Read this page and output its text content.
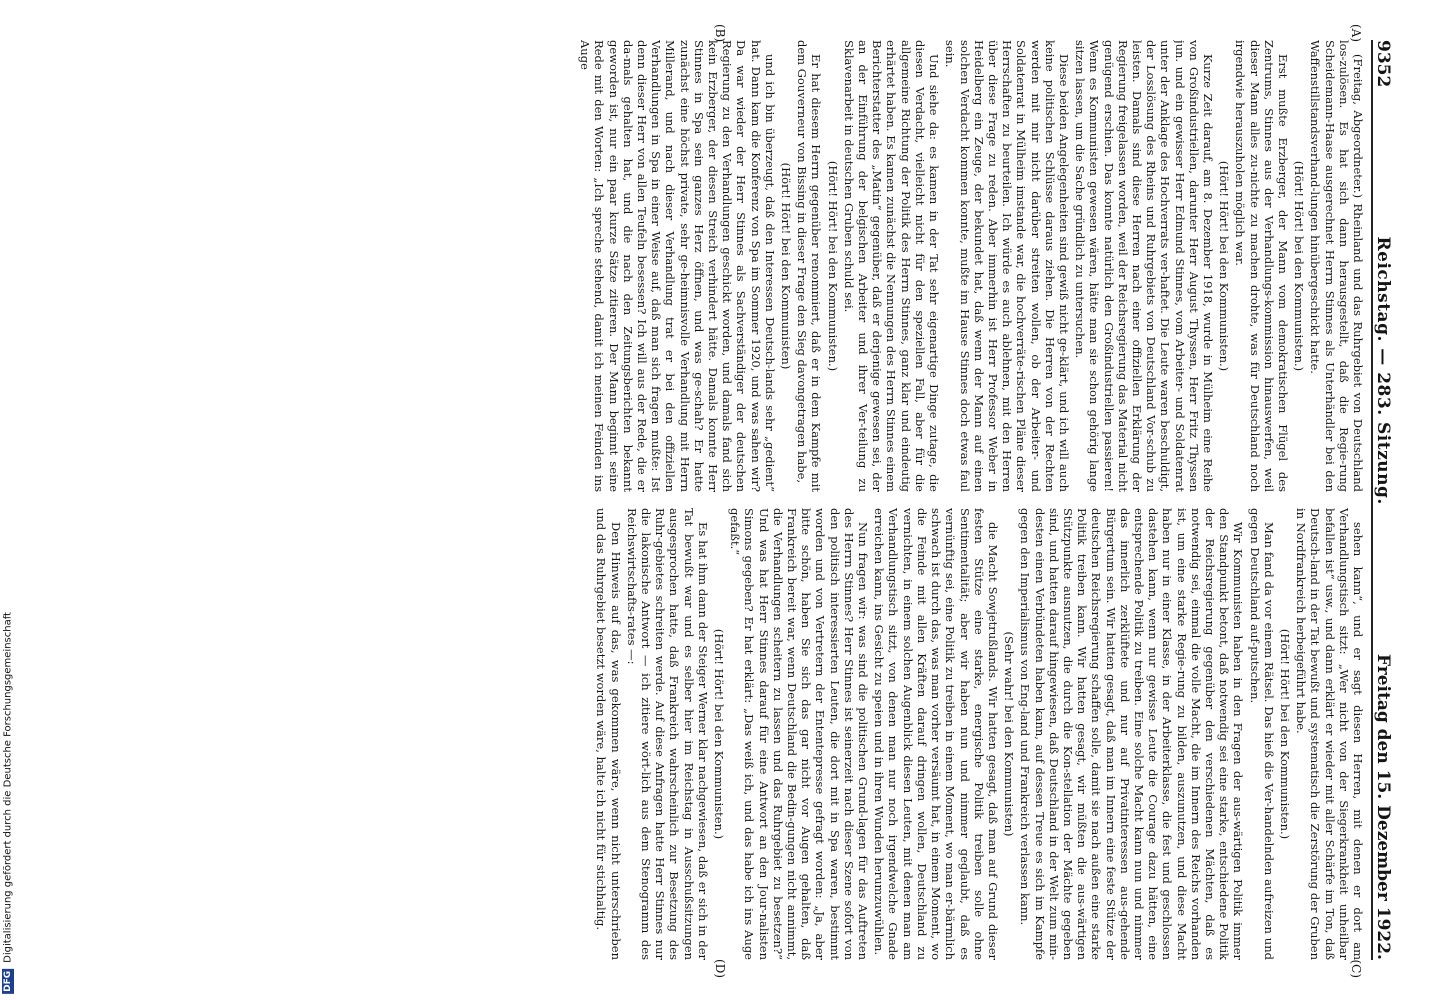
9352
Reichstag. — 283. Sitzung.
Freitag den 15. Dezember 1922.

(Freitag, Abgeordneter.) Rheinland und das Ruhrgebiet von Deutschland los-zulösen. Es hat sich dann herausgestellt, daß die Regie-rung Scheidemann-Haase ausgerechnet Herrn Stinnes als Unterhändler bei den Waffenstillstandsverhand-lungen hinübergeschickt hatte.

(Hört! Hört! bei den Kommunisten.)

Erst mußte Erzberger, der Mann vom demokratischen Flügel des Zentrums, Stinnes aus der Verhandlungs-kommission hinauswerfen, weil dieser Mann alles zu-nichte zu machen drohte, was für Deutschland noch irgendwie herauszuholen möglich war.

(Hört! Hört! bei den Kommunisten.)

Kurze Zeit darauf, am 8. Dezember 1918, wurde in Mülheim eine Reihe von Großindustriellen, darunter Herr August Thyssen, Herr Fritz Thyssen jun. und ein gewisser Herr Edmund Stinnes, vom Arbeiter- und Soldatenrat unter der Anklage des Hochverrats ver-haftet. Die Leute waren beschuldigt, der Losslösung des Rheins und Ruhrgebiets von Deutschland Vor-schub zu leisten. Damals sind diese Herren nach einer offiziellen Erklärung der Regierung freigelassen worden, weil der Reichsregierung das Material nicht genügend erschien. Das konnte natürlich den Großindustriellen passieren! Wenn es Kommunisten gewesen wären, hätte man sie schon gehörig lange sitzen lassen, um die Sache gründlich zu untersuchen.

Diese beiden Angelegenheiten sind gewiß nicht ge-klärt, und ich will auch keine politischen Schlüsse daraus ziehen. Die Herren von der Rechten werden mit mir nicht darüber streiten wollen, ob der Arbeiter- und Soldatenrat in Mülheim imstande war, die hochverräte-rischen Pläne dieser Herrschaften zu beurteilen. Ich würde es auch ablehnen, mit den Herren über diese Frage zu reden. Aber immerhin ist Herr Professor Weber in Heidelberg ein Zeuge, der bekundet hat, daß wenn der Mann auf einen solchen Verdacht kommen konnte, mußte im Hause Stinnes doch etwas faul sein.

Und siehe da: es kamen in der Tat sehr eigenartige Dinge zutage, die diesen Verdacht, vielleicht nicht für den speziellen Fall, aber für die allgemeine Richtung der Politik des Herrn Stinnes, ganz klar und eindeutig erhärtet haben. Es kamen zunächst die Nennungen des Herrn Stinnes einem Berichterstatter des „Matin“ gegenüber, daß er derjenige gewesen sei, der an der Einführung der belgischen Arbeiter und ihrer Ver-teilung zu Sklavenarbeit in deutschen Gruben schuld sei.

(Hört! Hört! bei den Kommunisten.)

Er hat diesem Herrn gegenüber renommiert, daß er in dem Kampfe mit dem Gouverneur von Bissing in dieser Frage den Sieg davongetragen habe,

(Hört! Hört! bei den Kommunisten)

und ich bin überzeugt, daß den Interessen Deutsch-lands sehr „gedient“ hat. Dann kam die Konferenz von Spa im Sommer 1920, und was sahen wir? Da war wieder der Herr Stinnes als Sachverständiger der deutschen Regierung zu den Verhandlungen geschickt worden, und damals fand sich kein Erzberger, der diesen Streich verhindert hätte. Damals konnte Herr Stinnes in Spa sein ganzes Herz öffnen, und was ge-schah? Er hatte zunächst eine höchst private, sehr ge-heimnisvolle Verhandlung mit Herrn Millerand, und nach dieser Verhandlung trat er bei den offiziellen Verhandlungen in Spa in einer Weise auf, daß man sich fragen mußte: Ist denn dieser Herr von allen Teufeln besessen? Ich will aus der Rede, die er da-mals gehalten hat, und die nach den Zeitungsberichten bekannt geworden ist, nur ein paar kurze Sätze zitieren. Der Mann beginnt seine Rede mit den Worten: „Ich spreche stehend, damit ich meinen Feinden ins Auge

sehen kann“, und er sagt diesen Herren, mit denen er dort am Verhandlungstisch sitzt: „Wer nicht von der Siegerkrankheit unheilbar befallen ist“ usw., und dann erklärt er wieder mit aller Schärfe im Ton, daß Deutsch-land in der Tat bewußt und systematisch die Zerstörung der Gruben in Nordfrankreich herbeigeführt habe.

(Hört! Hört! bei den Kommunisten.)

Man fand da vor einem Rätsel. Das hieß die Ver-handelnden aufreizen und gegen Deutschland auf-putschen.

Wir Kommunisten haben in den Fragen der aus-wärtigen Politik immer den Standpunkt betont, daß notwendig sei eine starke, entschiedene Politik der Reichsregierung gegenüber den verschiedenen Mächten, daß es notwendig sei, einmal die volle Macht, die im Innern des Reichs vorhanden ist, um eine starke Regie-rung zu bilden, auszunutzen, und diese Macht haben nur in einer Klasse, in der Arbeiterklasse, die fest und geschlossen dastehen kann, wenn nur gewisse Leute die Courage dazu hätten, eine entsprechende Politik zu treiben. Eine solche Macht kann nun und nimmer das innerlich zerklüftete und nur auf Privatinteressen aus-gehende Bürgertum sein. Wir hatten gesagt, daß man im Innern eine feste Stütze der deutschen Reichsregierung schaffen solle, damit sie nach außen eine starke Politik treiben kann. Wir hatten gesagt, wir müßten die aus-wärtigen Stützpunkte ausnutzen, die durch die Kon-stellation der Mächte gegeben sind, und hatten darauf hingewiesen, daß Deutschland in der Welt zum min-desten einen Verbündeten haben kann, auf dessen Treue es sich im Kampfe gegen den Imperialismus von Eng-land und Frankreich verlassen kann.

(Sehr wahr! bei den Kommunisten)

die Macht Sowjetrußlands. Wir hatten gesagt, daß man auf Grund dieser festen Stütze eine starke, energische Politik treiben solle ohne Sentimentalität; aber wir haben nun und nimmer geglaubt, daß es vernünftig sei, eine Politik zu treiben in einem Moment, wo man er-bärmlich schwach ist durch das, was man vorher versäumt hat, in einem Moment, wo die Feinde mit allen Kräften darauf dringen wollen, Deutschland zu vernichten, in einem solchen Augenblick diesen Leuten, mit denen man am Verhandlungstisch sitzt, von denen man nur noch irgendwelche Gnade erreichen kann, ins Gesicht zu speien und in ihren Wunden herumzuwühlen.

Nun fragen wir: was sind die politischen Grund-lagen für das Auftreten des Herrn Stinnes? Herr Stinnes ist seinerzeit nach dieser Szene sofort von den politisch interessierten Leuten, die dort mit in Spa waren, bestimmt worden und von Vertretern der Ententepresse gefragt worden: „Ja, aber bitte schön, haben Sie sich das gar nicht vor Augen gehalten, daß Frankreich bereit war, wenn Deutschland die Bedin-gungen nicht annimmt, die Verhandlungen scheitern zu lassen und das Ruhrgebiet zu besetzen?“ Und was hat Herr Stinnes darauf für eine Antwort an den Jour-nalisten Simons gegeben? Er hat erklärt: „Das weiß ich, und das habe ich ins Auge gefaßt.“

(Hört! Hört! bei den Kommunisten.)

Es hat ihm dann der Steiger Werner klar nachgewiesen, daß er sich in der Tat bewußt war und es selber hier im Reichstag in Ausschußsitzungen ausgesprochen hatte, daß Frankreich wahrscheinlich zur Besetzung des Ruhr-gebietes schreiten werde. Auf diese Anfragen hatte Herr Stinnes nur die lakonische Antwort — ich zitiere wört-lich aus dem Stenogramm des Reichswirtschafts-rates —:

Den Hinweis auf das, was gekommen wäre, wenn nicht unterschrieben und das Ruhrgebiet besetzt worden wäre, halte ich nicht für stichhaltig.

(A)
(B)
(C)
(D)
DFG
Digitalisierung gefördert durch die Deutsche Forschungsgemeinschaft
